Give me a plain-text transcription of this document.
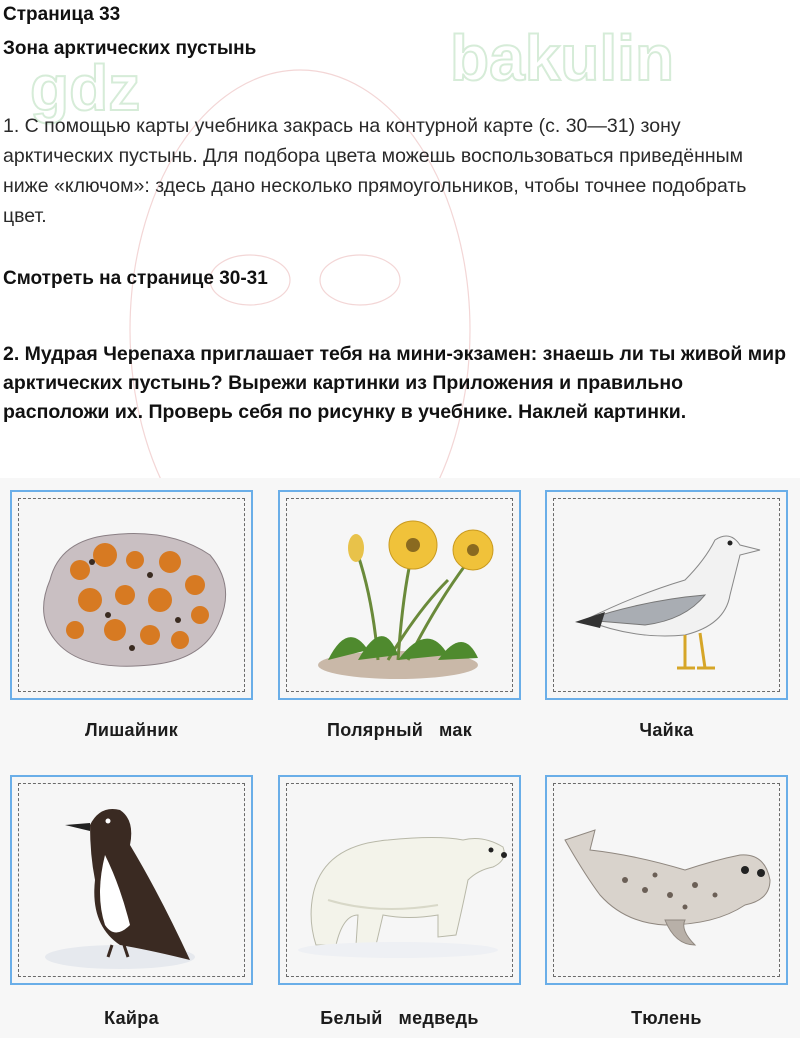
gdz	bakulin
Страница 33
Зона арктических пустынь

1. С помощью карты учебника закрась на контурной карте (с. 30—31) зону арктических пустынь. Для подбора цвета можешь воспользоваться приведённым ниже «ключом»: здесь дано несколько прямоугольников, чтобы точнее подобрать цвет.

Смотреть на странице 30-31

2. Мудрая Черепаха приглашает тебя на мини-экзамен: знаешь ли ты живой мир арктических пустынь? Вырежи картинки из Приложения и правильно расположи их. Проверь себя по рисунку в учебнике. Наклей картинки.

Лишайник	Полярный   мак	Чайка
Кайра	Белый   медведь	Тюлень
